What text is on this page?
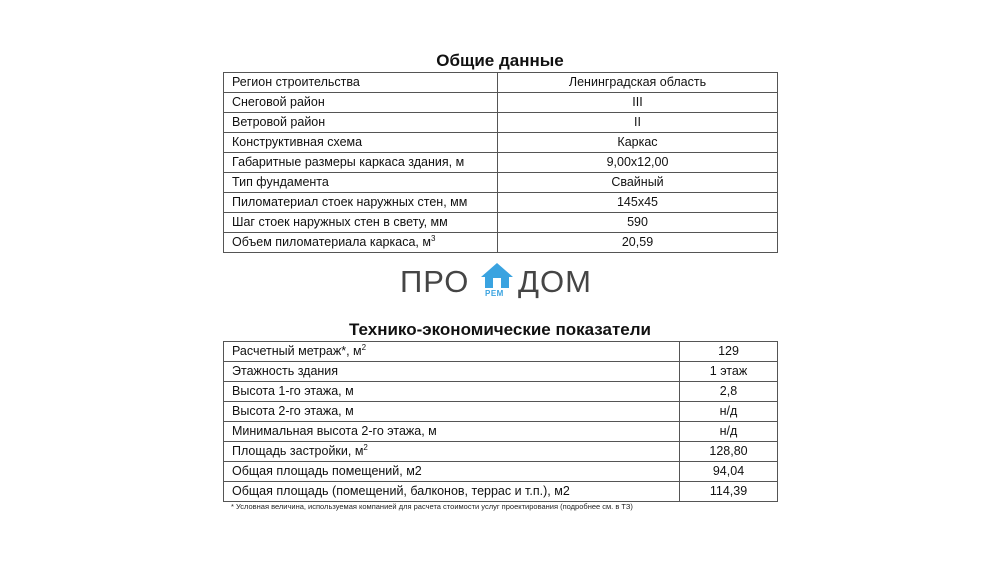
Общие данные
Регион строительства	Ленинградская область
Снеговой район	III
Ветровой район	II
Конструктивная схема	Каркас
Габаритные размеры каркаса здания, м	9,00x12,00
Тип фундамента	Свайный
Пиломатериал стоек наружных стен, мм	145x45
Шаг стоек наружных стен в свету, мм	590
Объем пиломатериала каркаса, $м^3$	20,59
ПРО РЕМ ДОМ
Технико-экономические показатели
Расчетный метраж*, $м^2$	129
Этажность здания	1 этаж
Высота 1-го этажа, м	2,8
Высота 2-го этажа, м	н/д
Минимальная высота 2-го этажа, м	н/д
Площадь застройки, $м^2$	128,80
Общая площадь помещений, м2	94,04
Общая площадь (помещений, балконов, террас и т.п.), м2	114,39
* Условная величина, используемая компанией для расчета стоимости услуг проектирования (подробнее см. в ТЗ)
